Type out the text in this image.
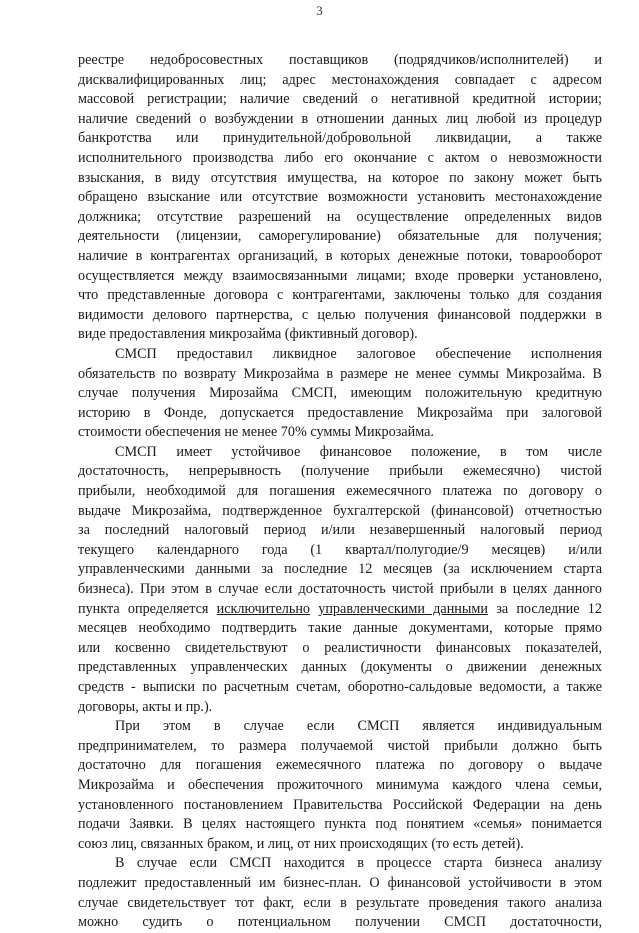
3
реестре недобросовестных поставщиков (подрядчиков/исполнителей) и
дисквалифицированных лиц; адрес местонахождения совпадает с адресом
массовой регистрации; наличие сведений о негативной кредитной истории;
наличие сведений о возбуждении в отношении данных лиц любой из процедур
банкротства или принудительной/добровольной ликвидации, а также
исполнительного производства либо его окончание с актом о невозможности
взыскания, в виду отсутствия имущества, на которое по закону может быть
обращено взыскание или отсутствие возможности установить местонахождение
должника; отсутствие разрешений на осуществление определенных видов
деятельности (лицензии, саморегулирование) обязательные для получения;
наличие в контрагентах организаций, в которых денежные потоки, товарооборот
осуществляется между взаимосвязанными лицами; входе проверки установлено,
что представленные договора с контрагентами, заключены только для создания
видимости делового партнерства, с целью получения финансовой поддержки в
виде предоставления микрозайма (фиктивный договор).
СМСП предоставил ликвидное залоговое обеспечение исполнения
обязательств по возврату Микрозайма в размере не менее суммы Микрозайма. В
случае получения Мирозайма СМСП, имеющим положительную кредитную
историю в Фонде, допускается предоставление Микрозайма при залоговой
стоимости обеспечения не менее 70% суммы Микрозайма.
СМСП имеет устойчивое финансовое положение, в том числе
достаточность, непрерывность (получение прибыли ежемесячно) чистой
прибыли, необходимой для погашения ежемесячного платежа по договору о
выдаче Микрозайма, подтвержденное бухгалтерской (финансовой) отчетностью
за последний налоговый период и/или незавершенный налоговый период
текущего календарного года (1 квартал/полугодие/9 месяцев) и/или
управленческими данными за последние 12 месяцев (за исключением старта
бизнеса). При этом в случае если достаточность чистой прибыли в целях данного
пункта определяется исключительно управленческими данными за последние 12
месяцев необходимо подтвердить такие данные документами, которые прямо
или косвенно свидетельствуют о реалистичности финансовых показателей,
представленных управленческих данных (документы о движении денежных
средств - выписки по расчетным счетам, оборотно-сальдовые ведомости, а также
договоры, акты и пр.).
При этом в случае если СМСП является индивидуальным
предпринимателем, то размера получаемой чистой прибыли должно быть
достаточно для погашения ежемесячного платежа по договору о выдаче
Микрозайма и обеспечения прожиточного минимума каждого члена семьи,
установленного постановлением Правительства Российской Федерации на день
подачи Заявки. В целях настоящего пункта под понятием «семья» понимается
союз лиц, связанных браком, и лиц, от них происходящих (то есть детей).
В случае если СМСП находится в процессе старта бизнеса анализу
подлежит предоставленный им бизнес-план. О финансовой устойчивости в этом
случае свидетельствует тот факт, если в результате проведения такого анализа
можно судить о потенциальном получении СМСП достаточности,
